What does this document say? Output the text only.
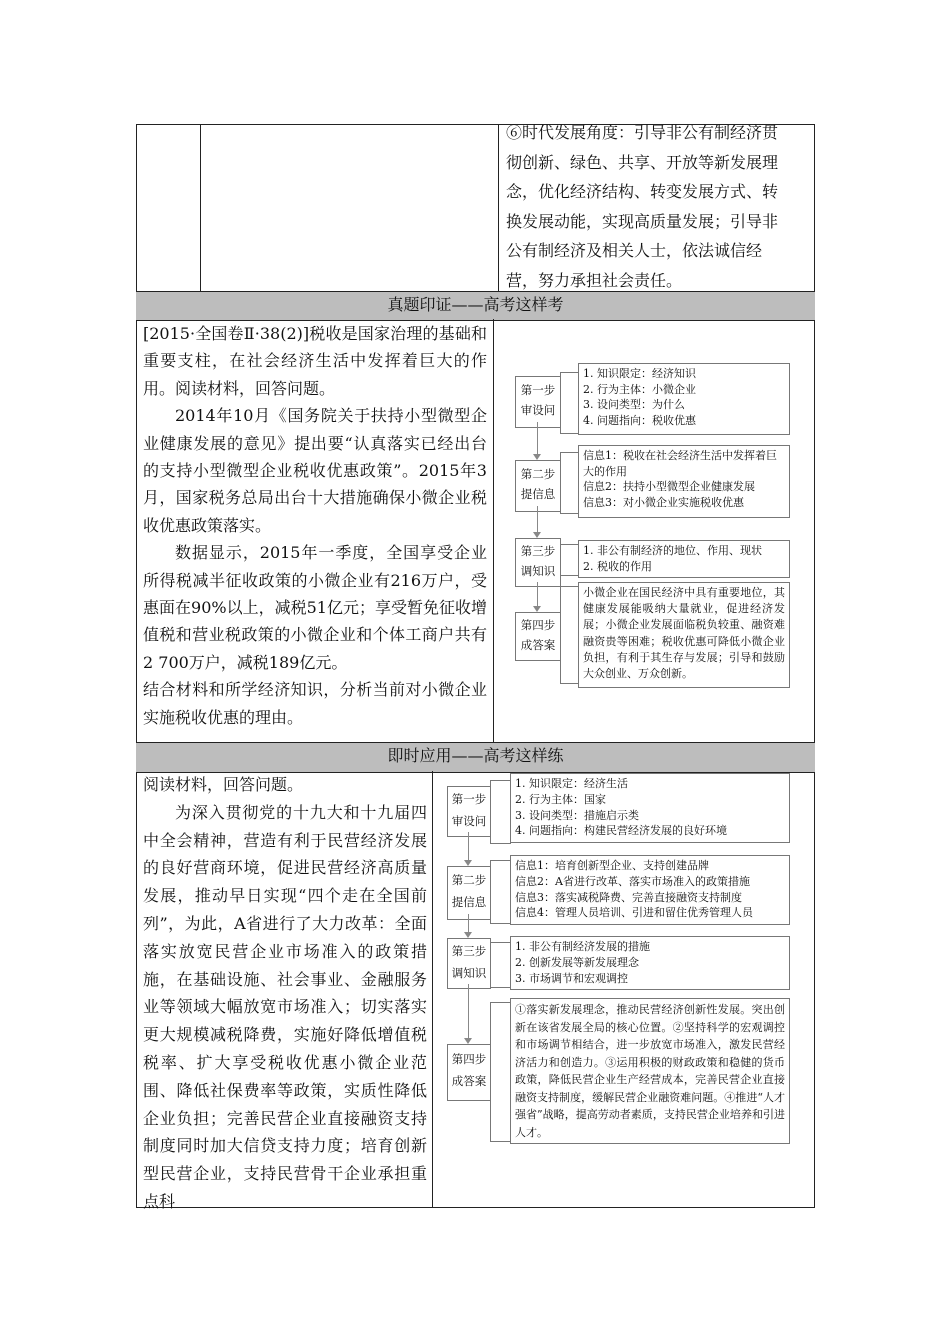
⑥时代发展角度：引导非公有制经济贯
彻创新、绿色、共享、开放等新发展理
念，优化经济结构、转变发展方式、转
换发展动能，实现高质量发展；引导非
公有制经济及相关人士，依法诚信经
营，努力承担社会责任。
真题印证——高考这样考

[2015·全国卷Ⅱ·38(2)]税收是国家治理的基础和重要支柱，在社会经济生活中发挥着巨大的作用。阅读材料，回答问题。

2014年10月《国务院关于扶持小型微型企业健康发展的意见》提出要“认真落实已经出台的支持小型微型企业税收优惠政策”。2015年3月，国家税务总局出台十大措施确保小微企业税收优惠政策落实。

数据显示，2015年一季度，全国享受企业所得税减半征收政策的小微企业有216万户，受惠面在90%以上，减税51亿元；享受暂免征收增值税和营业税政策的小微企业和个体工商户共有2 700万户，减税189亿元。

结合材料和所学经济知识，分析当前对小微企业实施税收优惠的理由。

第一步
审设问
第二步
提信息
第三步
调知识
第四步
成答案
1. 知识限定：经济知识
2. 行为主体：小微企业
3. 设问类型：为什么
4. 问题指向：税收优惠
信息1：税收在社会经济生活中发挥着巨大的作用
信息2：扶持小型微型企业健康发展
信息3：对小微企业实施税收优惠
1. 非公有制经济的地位、作用、现状
2. 税收的作用
小微企业在国民经济中具有重要地位，其健康发展能吸纳大量就业，促进经济发展；小微企业发展面临税负较重、融资难融资贵等困难；税收优惠可降低小微企业负担，有利于其生存与发展；引导和鼓励大众创业、万众创新。
即时应用——高考这样练

阅读材料，回答问题。

为深入贯彻党的十九大和十九届四中全会精神，营造有利于民营经济发展的良好营商环境，促进民营经济高质量发展，推动早日实现“四个走在全国前列”，为此，A省进行了大力改革：全面落实放宽民营企业市场准入的政策措施，在基础设施、社会事业、金融服务业等领域大幅放宽市场准入；切实落实更大规模减税降费，实施好降低增值税税率、扩大享受税收优惠小微企业范围、降低社保费率等政策，实质性降低企业负担；完善民营企业直接融资支持制度同时加大信贷支持力度；培育创新型民营企业，支持民营骨干企业承担重点科

第一步
审设问
第二步
提信息
第三步
调知识
第四步
成答案
1. 知识限定：经济生活
2. 行为主体：国家
3. 设问类型：措施启示类
4. 问题指向：构建民营经济发展的良好环境
信息1：培育创新型企业、支持创建品牌
信息2：A省进行改革、落实市场准入的政策措施
信息3：落实减税降费、完善直接融资支持制度
信息4：管理人员培训、引进和留住优秀管理人员
1. 非公有制经济发展的措施
2. 创新发展等新发展理念
3. 市场调节和宏观调控
①落实新发展理念，推动民营经济创新性发展。突出创新在该省发展全局的核心位置。②坚持科学的宏观调控和市场调节相结合，进一步放宽市场准入，激发民营经济活力和创造力。③运用积极的财政政策和稳健的货币政策，降低民营企业生产经营成本，完善民营企业直接融资支持制度，缓解民营企业融资难问题。④推进“人才强省”战略，提高劳动者素质，支持民营企业培养和引进人才。
